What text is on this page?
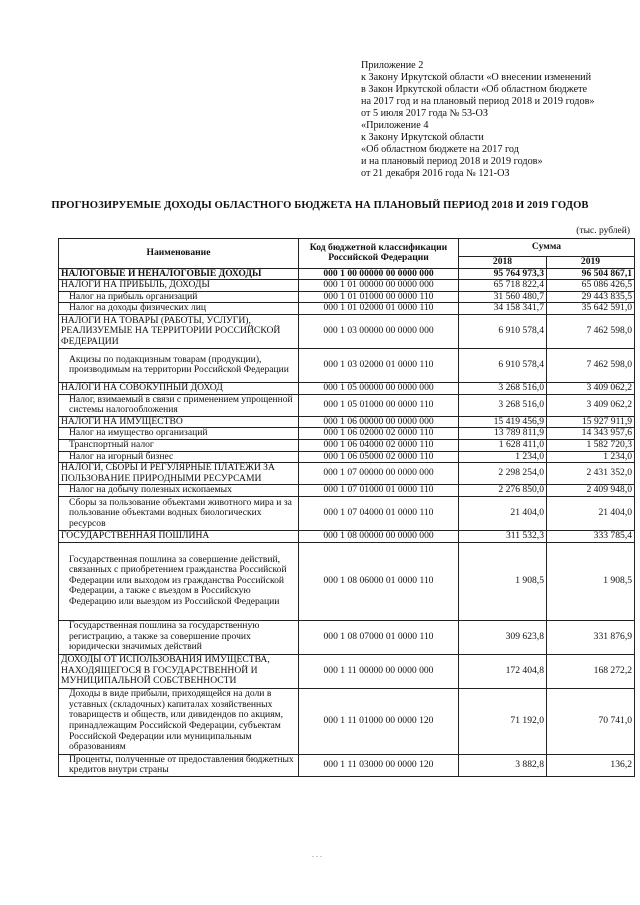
Приложение 2
к Закону Иркутской области «О внесении изменений
в Закон Иркутской области «Об областном бюджете
на 2017 год и на плановый период 2018 и 2019 годов»
от 5 июля 2017 года № 53-ОЗ
«Приложение 4
к Закону Иркутской области
«Об областном бюджете на 2017 год
и на плановый период 2018 и 2019 годов»
от 21 декабря 2016 года № 121-ОЗ
ПРОГНОЗИРУЕМЫЕ ДОХОДЫ ОБЛАСТНОГО БЮДЖЕТА НА ПЛАНОВЫЙ ПЕРИОД 2018 И 2019 ГОДОВ
(тыс. рублей)
Наименование	Код бюджетной классификации Российской Федерации	Сумма	
		2018	2019
НАЛОГОВЫЕ И НЕНАЛОГОВЫЕ ДОХОДЫ	000 1 00 00000 00 0000 000	95 764 973,3	96 504 867,1
НАЛОГИ НА ПРИБЫЛЬ, ДОХОДЫ	000 1 01 00000 00 0000 000	65 718 822,4	65 086 426,5
Налог на прибыль организаций	000 1 01 01000 00 0000 110	31 560 480,7	29 443 835,5
Налог на доходы физических лиц	000 1 01 02000 01 0000 110	34 158 341,7	35 642 591,0
НАЛОГИ НА ТОВАРЫ (РАБОТЫ, УСЛУГИ), РЕАЛИЗУЕМЫЕ НА ТЕРРИТОРИИ РОССИЙСКОЙ ФЕДЕРАЦИИ	000 1 03 00000 00 0000 000	6 910 578,4	7 462 598,0
Акцизы по подакцизным товарам (продукции), производимым на территории Российской Федерации	000 1 03 02000 01 0000 110	6 910 578,4	7 462 598,0
НАЛОГИ НА СОВОКУПНЫЙ ДОХОД	000 1 05 00000 00 0000 000	3 268 516,0	3 409 062,2
Налог, взимаемый в связи с применением упрощенной системы налогообложения	000 1 05 01000 00 0000 110	3 268 516,0	3 409 062,2
НАЛОГИ НА ИМУЩЕСТВО	000 1 06 00000 00 0000 000	15 419 456,9	15 927 911,9
Налог на имущество организаций	000 1 06 02000 02 0000 110	13 789 811,9	14 343 957,6
Транспортный налог	000 1 06 04000 02 0000 110	1 628 411,0	1 582 720,3
Налог на игорный бизнес	000 1 06 05000 02 0000 110	1 234,0	1 234,0
НАЛОГИ, СБОРЫ И РЕГУЛЯРНЫЕ ПЛАТЕЖИ ЗА ПОЛЬЗОВАНИЕ ПРИРОДНЫМИ РЕСУРСАМИ	000 1 07 00000 00 0000 000	2 298 254,0	2 431 352,0
Налог на добычу полезных ископаемых	000 1 07 01000 01 0000 110	2 276 850,0	2 409 948,0
Сборы за пользование объектами животного мира и за пользование объектами водных биологических ресурсов	000 1 07 04000 01 0000 110	21 404,0	21 404,0
ГОСУДАРСТВЕННАЯ ПОШЛИНА	000 1 08 00000 00 0000 000	311 532,3	333 785,4
Государственная пошлина за совершение действий, связанных с приобретением гражданства Российской Федерации или выходом из гражданства Российской Федерации, а также с въездом в Российскую Федерацию или выездом из Российской Федерации	000 1 08 06000 01 0000 110	1 908,5	1 908,5
Государственная пошлина за государственную регистрацию, а также за совершение прочих юридически значимых действий	000 1 08 07000 01 0000 110	309 623,8	331 876,9
ДОХОДЫ ОТ ИСПОЛЬЗОВАНИЯ ИМУЩЕСТВА, НАХОДЯЩЕГОСЯ В ГОСУДАРСТВЕННОЙ И МУНИЦИПАЛЬНОЙ СОБСТВЕННОСТИ	000 1 11 00000 00 0000 000	172 404,8	168 272,2
Доходы в виде прибыли, приходящейся на доли в уставных (складочных) капиталах хозяйственных товариществ и обществ, или дивидендов по акциям, принадлежащим Российской Федерации, субъектам Российской Федерации или муниципальным образованиям	000 1 11 01000 00 0000 120	71 192,0	70 741,0
Проценты, полученные от предоставления бюджетных кредитов внутри страны	000 1 11 03000 00 0000 120	3 882,8	136,2
. . .
